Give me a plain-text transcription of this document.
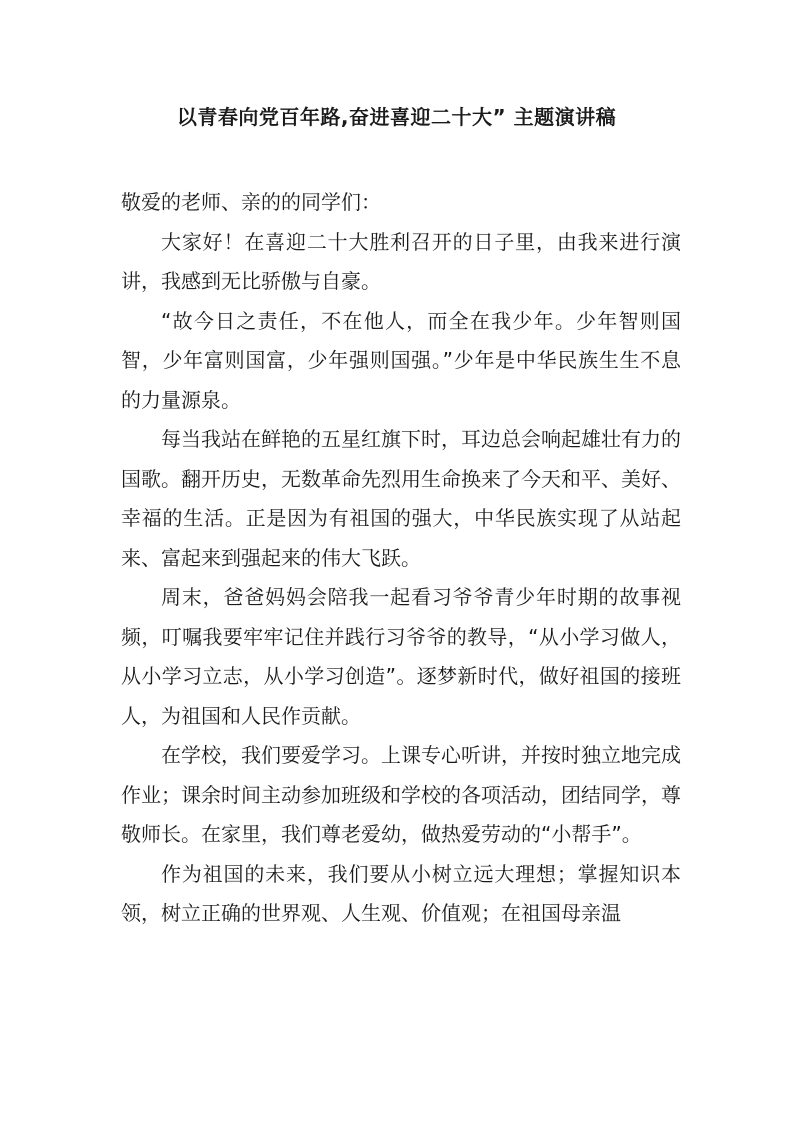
以青春向党百年路,奋进喜迎二十大” 主题演讲稿

敬爱的老师、亲的的同学们：

大家好！在喜迎二十大胜利召开的日子里，由我来进行演讲，我感到无比骄傲与自豪。

“故今日之责任，不在他人，而全在我少年。少年智则国智，少年富则国富，少年强则国强。”少年是中华民族生生不息的力量源泉。

每当我站在鲜艳的五星红旗下时，耳边总会响起雄壮有力的国歌。翻开历史，无数革命先烈用生命换来了今天和平、美好、幸福的生活。正是因为有祖国的强大，中华民族实现了从站起来、富起来到强起来的伟大飞跃。

周末，爸爸妈妈会陪我一起看习爷爷青少年时期的故事视频，叮嘱我要牢牢记住并践行习爷爷的教导，“从小学习做人，从小学习立志，从小学习创造”。逐梦新时代，做好祖国的接班人，为祖国和人民作贡献。

在学校，我们要爱学习。上课专心听讲，并按时独立地完成作业；课余时间主动参加班级和学校的各项活动，团结同学，尊敬师长。在家里，我们尊老爱幼，做热爱劳动的“小帮手”。

作为祖国的未来，我们要从小树立远大理想；掌握知识本领，树立正确的世界观、人生观、价值观；在祖国母亲温
